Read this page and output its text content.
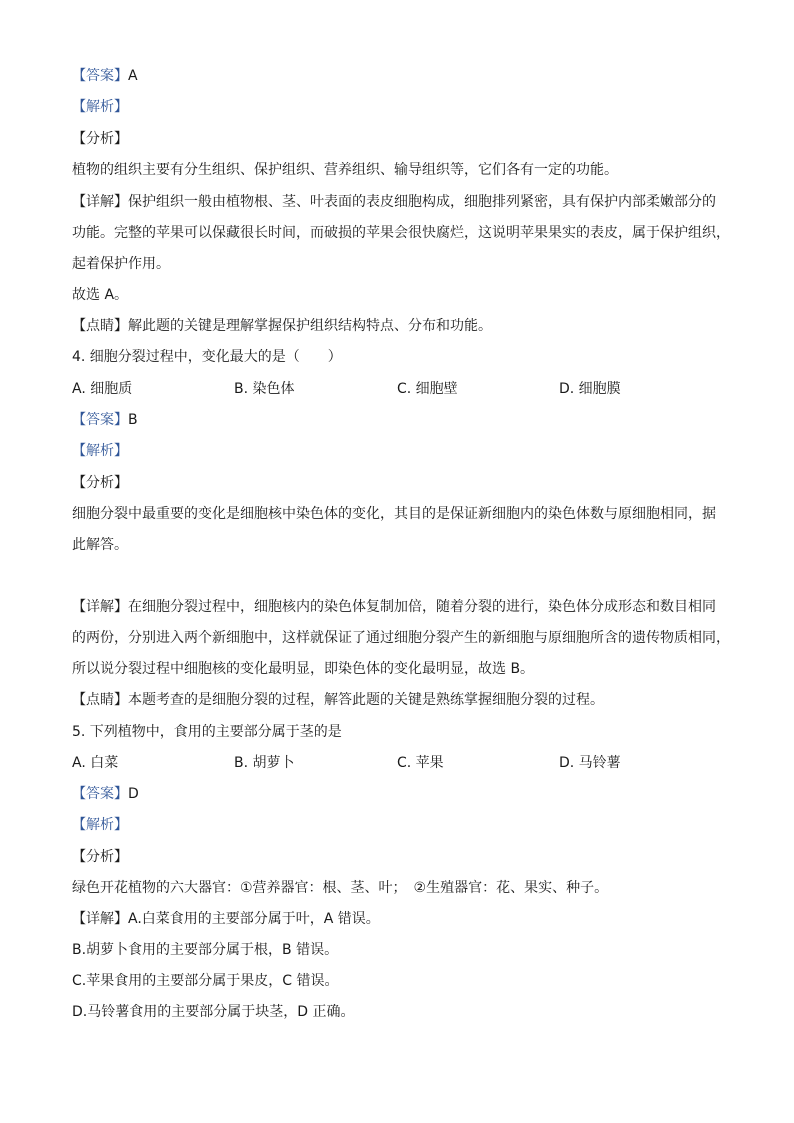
【答案】A
【解析】
【分析】
植物的组织主要有分生组织、保护组织、营养组织、输导组织等，它们各有一定的功能。
【详解】保护组织一般由植物根、茎、叶表面的表皮细胞构成，细胞排列紧密，具有保护内部柔嫩部分的
功能。完整的苹果可以保藏很长时间，而破损的苹果会很快腐烂，这说明苹果果实的表皮，属于保护组织，
起着保护作用。
故选 A。
【点睛】解此题的关键是理解掌握保护组织结构特点、分布和功能。
4. 细胞分裂过程中，变化最大的是（　　）
A. 细胞质	B. 染色体	C. 细胞壁	D. 细胞膜
【答案】B
【解析】
【分析】
细胞分裂中最重要的变化是细胞核中染色体的变化，其目的是保证新细胞内的染色体数与原细胞相同，据
此解答。
【详解】在细胞分裂过程中，细胞核内的染色体复制加倍，随着分裂的进行，染色体分成形态和数目相同
的两份，分别进入两个新细胞中，这样就保证了通过细胞分裂产生的新细胞与原细胞所含的遗传物质相同，
所以说分裂过程中细胞核的变化最明显，即染色体的变化最明显，故选 B。
【点睛】本题考查的是细胞分裂的过程，解答此题的关键是熟练掌握细胞分裂的过程。
5. 下列植物中，食用的主要部分属于茎的是
A. 白菜	B. 胡萝卜	C. 苹果	D. 马铃薯
【答案】D
【解析】
【分析】
绿色开花植物的六大器官：①营养器官：根、茎、叶；　②生殖器官：花、果实、种子。
【详解】A.白菜食用的主要部分属于叶，A 错误。
B.胡萝卜食用的主要部分属于根，B 错误。
C.苹果食用的主要部分属于果皮，C 错误。
D.马铃薯食用的主要部分属于块茎，D 正确。
